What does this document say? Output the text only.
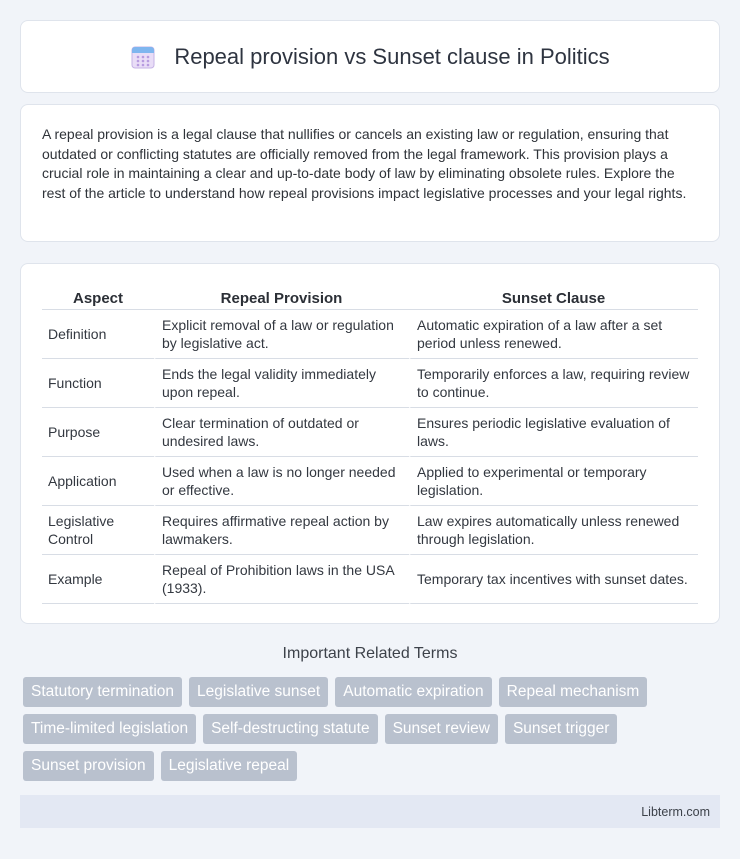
Repeal provision vs Sunset clause in Politics

A repeal provision is a legal clause that nullifies or cancels an existing law or regulation, ensuring that outdated or conflicting statutes are officially removed from the legal framework. This provision plays a crucial role in maintaining a clear and up-to-date body of law by eliminating obsolete rules. Explore the rest of the article to understand how repeal provisions impact legislative processes and your legal rights.

Aspect	Repeal Provision	Sunset Clause
Definition	Explicit removal of a law or regulation by legislative act.	Automatic expiration of a law after a set period unless renewed.
Function	Ends the legal validity immediately upon repeal.	Temporarily enforces a law, requiring review to continue.
Purpose	Clear termination of outdated or undesired laws.	Ensures periodic legislative evaluation of laws.
Application	Used when a law is no longer needed or effective.	Applied to experimental or temporary legislation.
Legislative Control	Requires affirmative repeal action by lawmakers.	Law expires automatically unless renewed through legislation.
Example	Repeal of Prohibition laws in the USA (1933).	Temporary tax incentives with sunset dates.
Important Related Terms
Statutory termination	Legislative sunset	Automatic expiration	Repeal mechanism
Time-limited legislation	Self-destructing statute	Sunset review	Sunset trigger
Sunset provision	Legislative repeal
Libterm.com
